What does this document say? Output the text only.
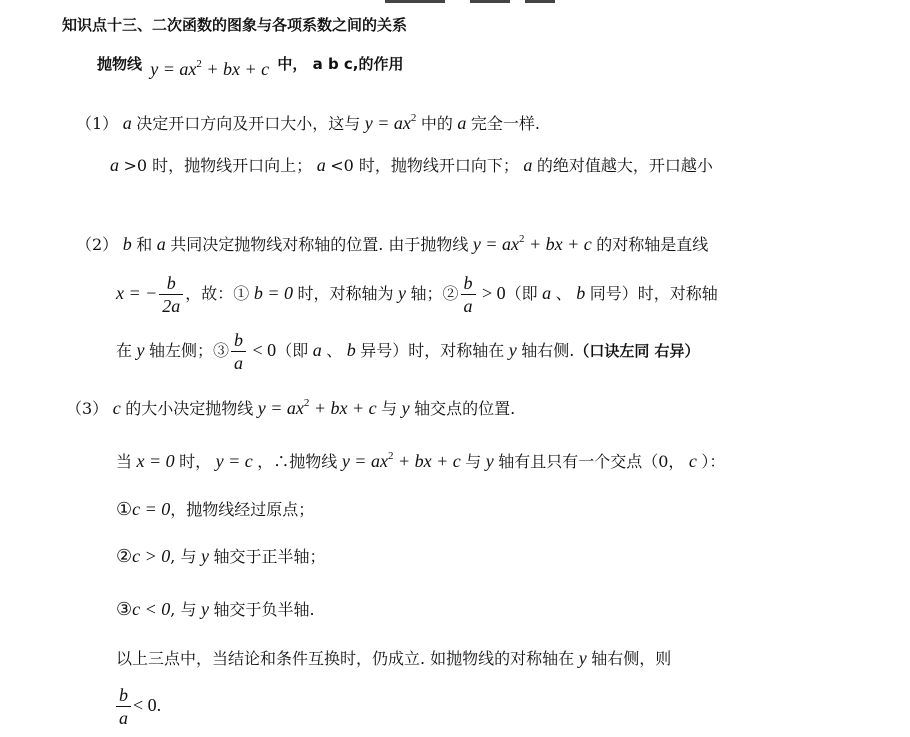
知识点十三、二次函数的图象与各项系数之间的关系
抛物线 $y = ax^2$ + bx + c 中， a b c,的作用
（1） a 决定开口方向及开口大小，这与 $y = ax^2$ 中的 a 完全一样.
a >0 时，抛物线开口向上； a <0 时，抛物线开口向下； a 的绝对值越大，开口越小
（2） b 和 a 共同决定抛物线对称轴的位置. 由于抛物线 $y = ax^2$ + bx + c 的对称轴是直线
x = − $\frac{b}{2a}$ ，故：① b = 0 时，对称轴为 y 轴；② $\frac{b}{a} > 0$（即 a 、 b 同号）时，对称轴
在 y 轴左侧；③ $\frac{b}{a} < 0$（即 a 、 b 异号）时，对称轴在 y 轴右侧.（口诀左同 右异）
（3） c 的大小决定抛物线 $y = ax^2$ + bx + c 与 y 轴交点的位置.
当 x = 0 时， y = c ，∴抛物线 $y = ax^2$ + bx + c 与 y 轴有且只有一个交点（0， c ）：
①c = 0，抛物线经过原点；
②c > 0, 与 y 轴交于正半轴；
③c < 0, 与 y 轴交于负半轴.
以上三点中，当结论和条件互换时，仍成立. 如抛物线的对称轴在 y 轴右侧，则
$\frac{b}{a} < 0$.
